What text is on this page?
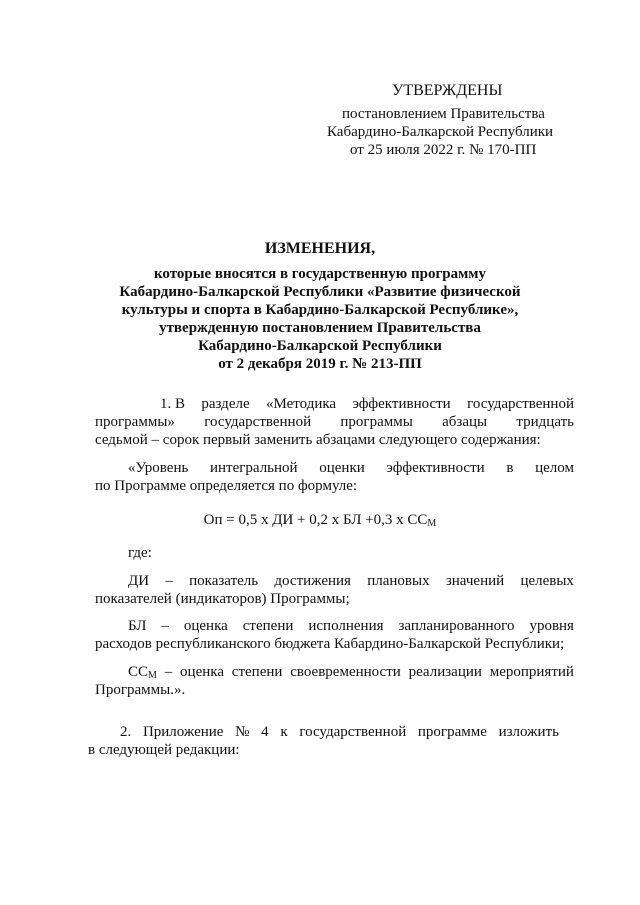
УТВЕРЖДЕНЫ
постановлением Правительства
Кабардино-Балкарской Республики
от 25 июля 2022 г. № 170-ПП
ИЗМЕНЕНИЯ,
которые вносятся в государственную программу
Кабардино-Балкарской Республики «Развитие физической
культуры и спорта в Кабардино-Балкарской Республике»,
утвержденную постановлением Правительства
Кабардино-Балкарской Республики
от 2 декабря 2019 г. № 213-ПП
1. В разделе «Методика эффективности государственной
программы» государственной программы абзацы тридцать
седьмой – сорок первый заменить абзацами следующего содержания:
«Уровень интегральной оценки эффективности в целом
по Программе определяется по формуле:
Оп = 0,5 х ДИ + 0,2 х БЛ +0,3 х $СС_М$
где:
ДИ – показатель достижения плановых значений целевых
показателей (индикаторов) Программы;
БЛ – оценка степени исполнения запланированного уровня
расходов республиканского бюджета Кабардино-Балкарской Республики;
$СС_М$ – оценка степени своевременности реализации мероприятий
Программы.».
2. Приложение № 4 к государственной программе изложить
в следующей редакции:
